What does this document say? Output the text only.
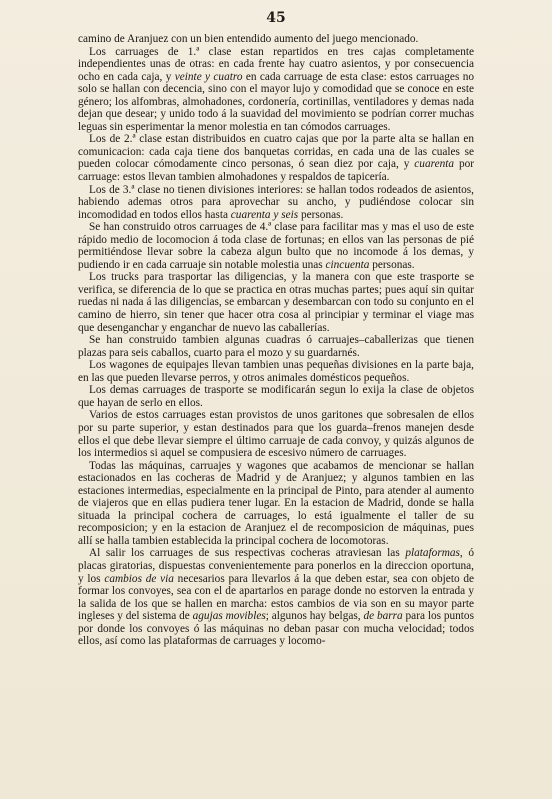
45

camino de Aranjuez con un bien entendido aumento del juego mencionado.

Los carruages de 1.ª clase estan repartidos en tres cajas completamente independientes unas de otras: en cada frente hay cuatro asientos, y por consecuencia ocho en cada caja, y veinte y cuatro en cada carruage de esta clase: estos carruages no solo se hallan con decencia, sino con el mayor lujo y comodidad que se conoce en este género; los alfombras, almohadones, cordonería, cortinillas, ventiladores y demas nada dejan que desear; y unido todo á la suavidad del movimiento se podrían correr muchas leguas sin esperimentar la menor molestia en tan cómodos carruages.

Los de 2.ª clase estan distribuidos en cuatro cajas que por la parte alta se hallan en comunicacion: cada caja tiene dos banquetas corridas, en cada una de las cuales se pueden colocar cómodamente cinco personas, ó sean diez por caja, y cuarenta por carruage: estos llevan tambien almohadones y respaldos de tapicería.

Los de 3.ª clase no tienen divisiones interiores: se hallan todos rodeados de asientos, habiendo ademas otros para aprovechar su ancho, y pudiéndose colocar sin incomodidad en todos ellos hasta cuarenta y seis personas.

Se han construido otros carruages de 4.ª clase para facilitar mas y mas el uso de este rápido medio de locomocion á toda clase de fortunas; en ellos van las personas de pié permitiéndose llevar sobre la cabeza algun bulto que no incomode á los demas, y pudiendo ir en cada carruaje sin notable molestia unas cincuenta personas.

Los trucks para trasportar las diligencias, y la manera con que este trasporte se verifica, se diferencia de lo que se practica en otras muchas partes; pues aquí sin quitar ruedas ni nada á las diligencias, se embarcan y desembarcan con todo su conjunto en el camino de hierro, sin tener que hacer otra cosa al principiar y terminar el viage mas que desenganchar y enganchar de nuevo las caballerías.

Se han construido tambien algunas cuadras ó carruajes–caballerizas que tienen plazas para seis caballos, cuarto para el mozo y su guardarnés.

Los wagones de equipajes llevan tambien unas pequeñas divisiones en la parte baja, en las que pueden llevarse perros, y otros animales domésticos pequeños.

Los demas carruages de trasporte se modificarán segun lo exija la clase de objetos que hayan de serlo en ellos.

Varios de estos carruages estan provistos de unos garitones que sobresalen de ellos por su parte superior, y estan destinados para que los guarda–frenos manejen desde ellos el que debe llevar siempre el último carruaje de cada convoy, y quizás algunos de los intermedios si aquel se compusiera de escesivo número de carruages.

Todas las máquinas, carruajes y wagones que acabamos de mencionar se hallan estacionados en las cocheras de Madrid y de Aranjuez; y algunos tambien en las estaciones intermedias, especialmente en la principal de Pinto, para atender al aumento de viajeros que en ellas pudiera tener lugar. En la estacion de Madrid, donde se halla situada la principal cochera de carruages, lo está igualmente el taller de su recomposicion; y en la estacion de Aranjuez el de recomposicion de máquinas, pues allí se halla tambien establecida la principal cochera de locomotoras.

Al salir los carruages de sus respectivas cocheras atraviesan las plataformas, ó placas giratorias, dispuestas convenientemente para ponerlos en la direccion oportuna, y los cambios de via necesarios para llevarlos á la que deben estar, sea con objeto de formar los convoyes, sea con el de apartarlos en parage donde no estorven la entrada y la salida de los que se hallen en marcha: estos cambios de via son en su mayor parte ingleses y del sistema de agujas movibles; algunos hay belgas, de barra para los puntos por donde los convoyes ó las máquinas no deban pasar con mucha velocidad; todos ellos, así como las plataformas de carruages y locomo-
